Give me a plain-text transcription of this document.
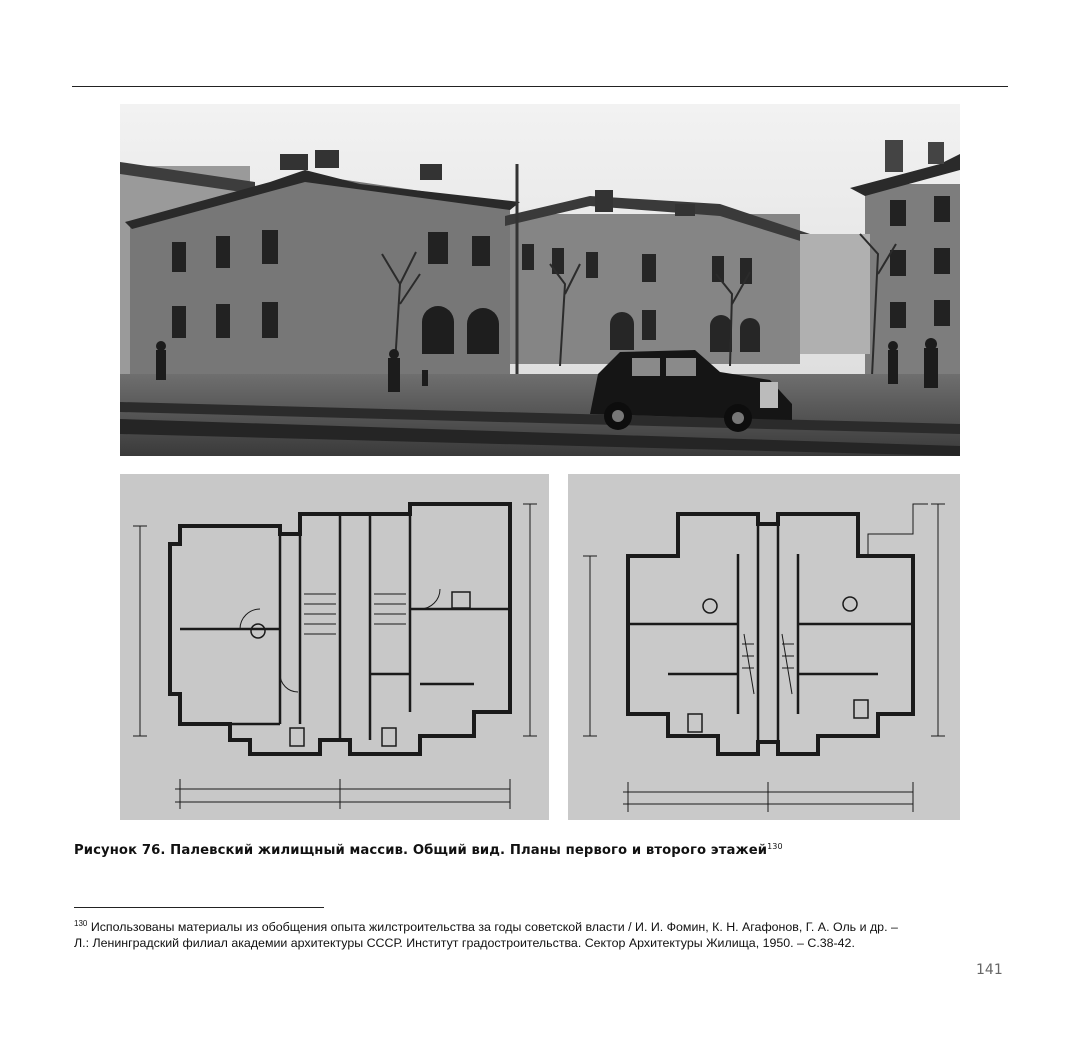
Рисунок 76. Палевский жилищный массив. Общий вид. Планы первого и второго этажей$^{130}$
$^{130}$ Использованы материалы из обобщения опыта жилстроительства за годы советской власти / И. И. Фомин, К. Н. Агафонов, Г. А. Оль и др. –
Л.: Ленинградский филиал академии архитектуры СССР. Институт градостроительства. Сектор Архитектуры Жилища, 1950. – С.38-42.
141
